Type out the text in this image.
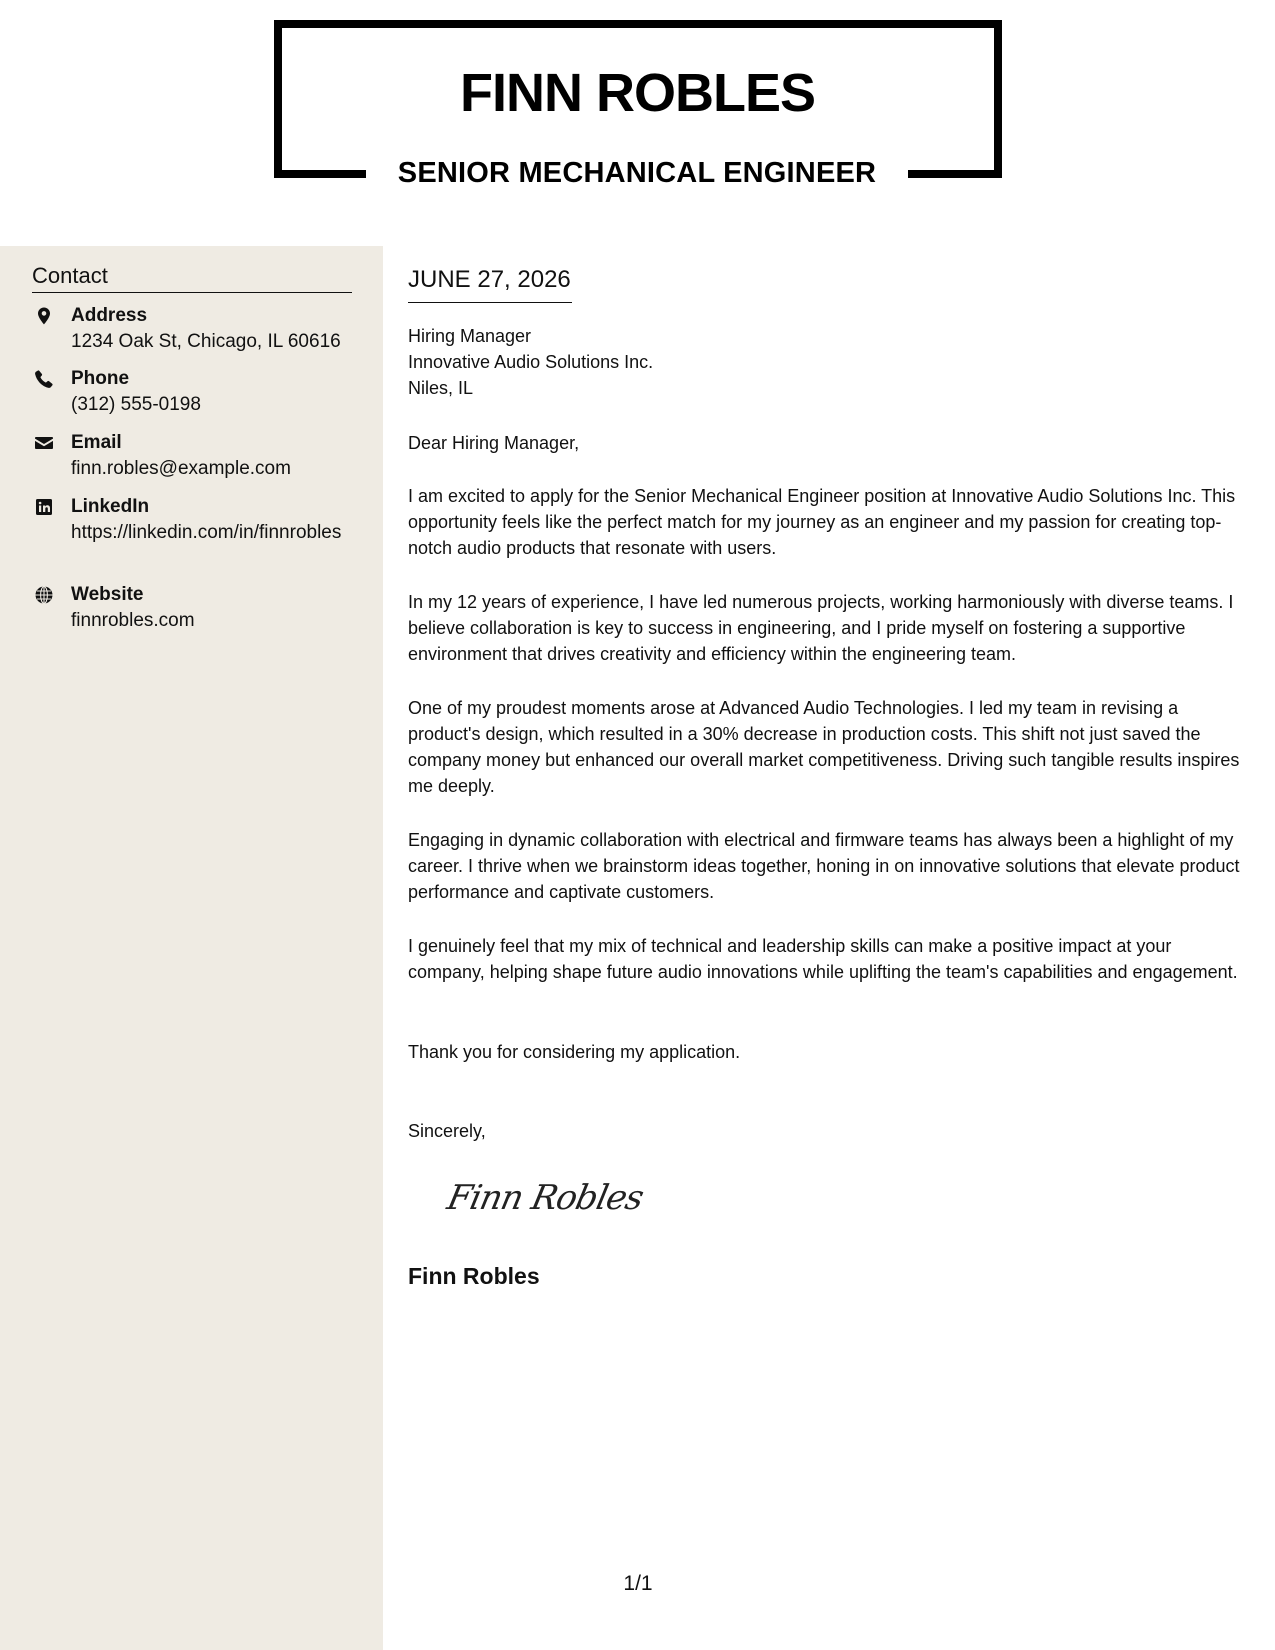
FINN ROBLES
SENIOR MECHANICAL ENGINEER
Contact
Address
1234 Oak St, Chicago, IL 60616
Phone
(312) 555-0198
Email
finn.robles@example.com
LinkedIn
https://linkedin.com/in/finnrobles
Website
finnrobles.com
JUNE 27, 2026
Hiring Manager
Innovative Audio Solutions Inc.
Niles, IL
Dear Hiring Manager,
I am excited to apply for the Senior Mechanical Engineer position at Innovative Audio Solutions Inc. This opportunity feels like the perfect match for my journey as an engineer and my passion for creating top-notch audio products that resonate with users.
In my 12 years of experience, I have led numerous projects, working harmoniously with diverse teams. I believe collaboration is key to success in engineering, and I pride myself on fostering a supportive environment that drives creativity and efficiency within the engineering team.
One of my proudest moments arose at Advanced Audio Technologies. I led my team in revising a product's design, which resulted in a 30% decrease in production costs. This shift not just saved the company money but enhanced our overall market competitiveness. Driving such tangible results inspires me deeply.
Engaging in dynamic collaboration with electrical and firmware teams has always been a highlight of my career. I thrive when we brainstorm ideas together, honing in on innovative solutions that elevate product performance and captivate customers.
I genuinely feel that my mix of technical and leadership skills can make a positive impact at your company, helping shape future audio innovations while uplifting the team's capabilities and engagement.
Thank you for considering my application.
Sincerely,
Finn Robles
Finn Robles
1/1
